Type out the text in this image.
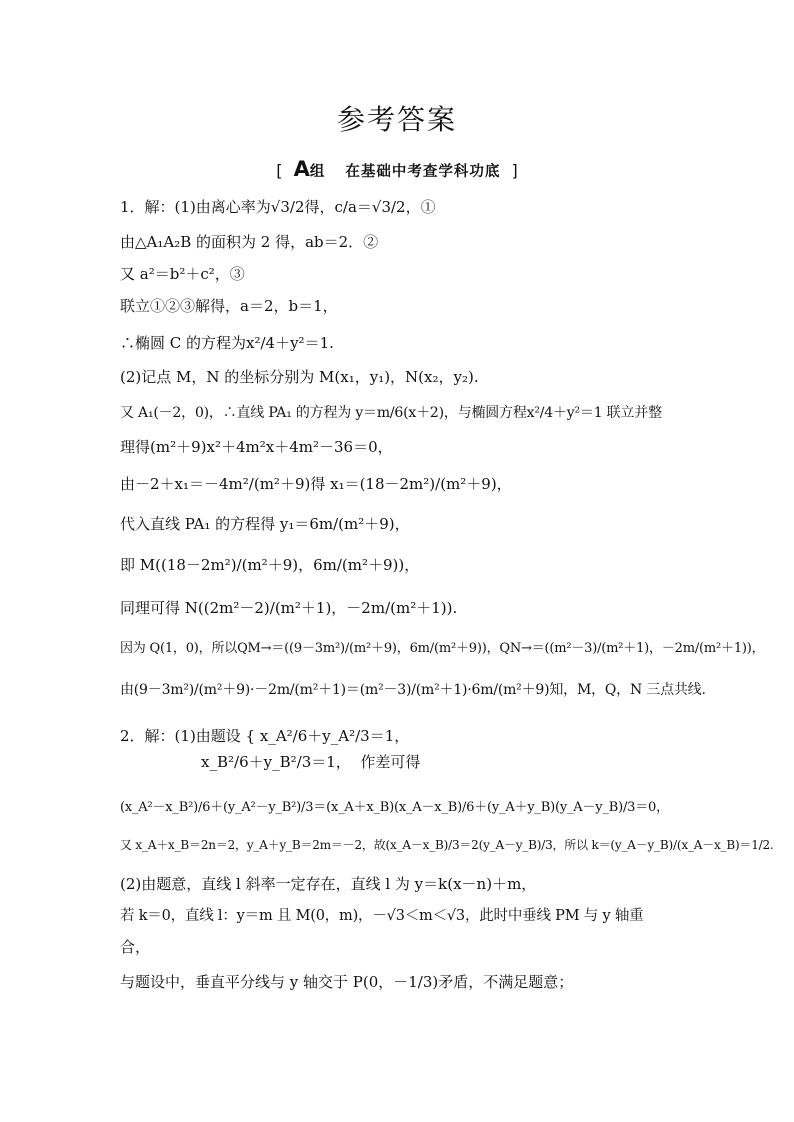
参考答案
[ A组 在基础中考查学科功底 ]
1．解：(1)由离心率为√3/2得，c/a＝√3/2，①
由△A₁A₂B 的面积为 2 得，ab＝2．②
又 a²＝b²＋c²，③
联立①②③解得，a＝2，b＝1，
∴椭圆 C 的方程为x²/4＋y²＝1.
(2)记点 M，N 的坐标分别为 M(x₁，y₁)，N(x₂，y₂).
又 A₁(－2，0)，∴直线 PA₁ 的方程为 y＝m/6(x＋2)，与椭圆方程x²/4＋y²＝1 联立并整
理得(m²＋9)x²＋4m²x＋4m²－36＝0，
由－2＋x₁＝－4m²/(m²＋9)得 x₁＝(18－2m²)/(m²＋9)，
代入直线 PA₁ 的方程得 y₁＝6m/(m²＋9)，
即 M((18－2m²)/(m²＋9)，6m/(m²＋9))，
同理可得 N((2m²－2)/(m²＋1)，－2m/(m²＋1)).
因为 Q(1，0)，所以QM→＝((9－3m²)/(m²＋9)，6m/(m²＋9))，QN→＝((m²－3)/(m²＋1)，－2m/(m²＋1))，
由(9－3m²)/(m²＋9)·－2m/(m²＋1)＝(m²－3)/(m²＋1)·6m/(m²＋9)知，M，Q，N 三点共线.
2．解：(1)由题设 { x_A²/6＋y_A²/3＝1，
x_B²/6＋y_B²/3＝1，  作差可得
(x_A²－x_B²)/6＋(y_A²－y_B²)/3＝(x_A＋x_B)(x_A－x_B)/6＋(y_A＋y_B)(y_A－y_B)/3＝0，
又 x_A＋x_B＝2n＝2，y_A＋y_B＝2m＝－2，故(x_A－x_B)/3＝2(y_A－y_B)/3，所以 k＝(y_A－y_B)/(x_A－x_B)＝1/2.
(2)由题意，直线 l 斜率一定存在，直线 l 为 y＝k(x－n)＋m，
若 k＝0，直线 l：y＝m 且 M(0，m)，－√3＜m＜√3，此时中垂线 PM 与 y 轴重
合，
与题设中，垂直平分线与 y 轴交于 P(0，－1/3)矛盾，不满足题意；
